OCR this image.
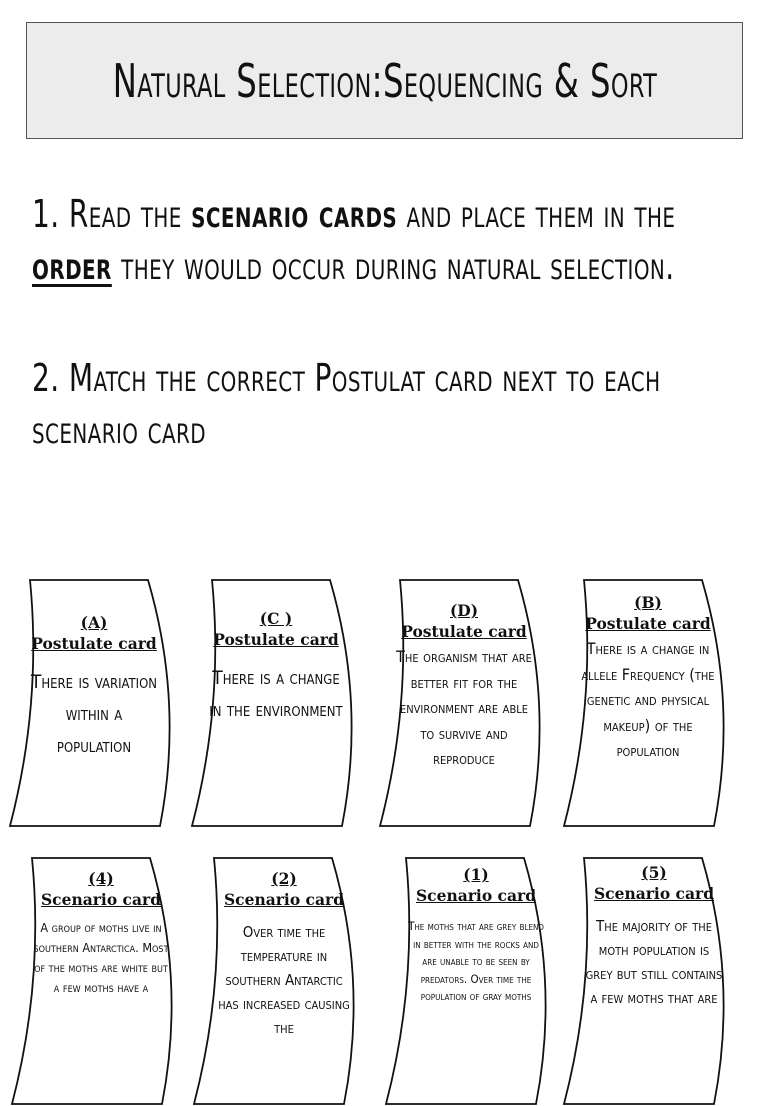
Natural Selection:Sequencing & Sort
1. Read the scenario cards and place them in the order they would occur during natural selection.
2. Match the correct Postulat card next to each scenario card
(A)
Postulate card
There is variation within a population
(C )
Postulate card
There is a change in the environment
(D)
Postulate card
The organism that are better fit for the environment are able to survive and reproduce
(B)
Postulate card
There is a change in allele Frequency (the genetic and physical makeup) of the population
(4)
Scenario card
A group of moths live in southern Antarctica. Most of the moths are white but a few moths have a
(2)
Scenario card
Over time the temperature in southern Antarctic has increased causing the
(1)
Scenario card
The moths that are grey blend in better with the rocks and are unable to be seen by predators. Over time the population of gray moths
(5)
Scenario card
The majority of the moth population is grey but still contains a few moths that are
